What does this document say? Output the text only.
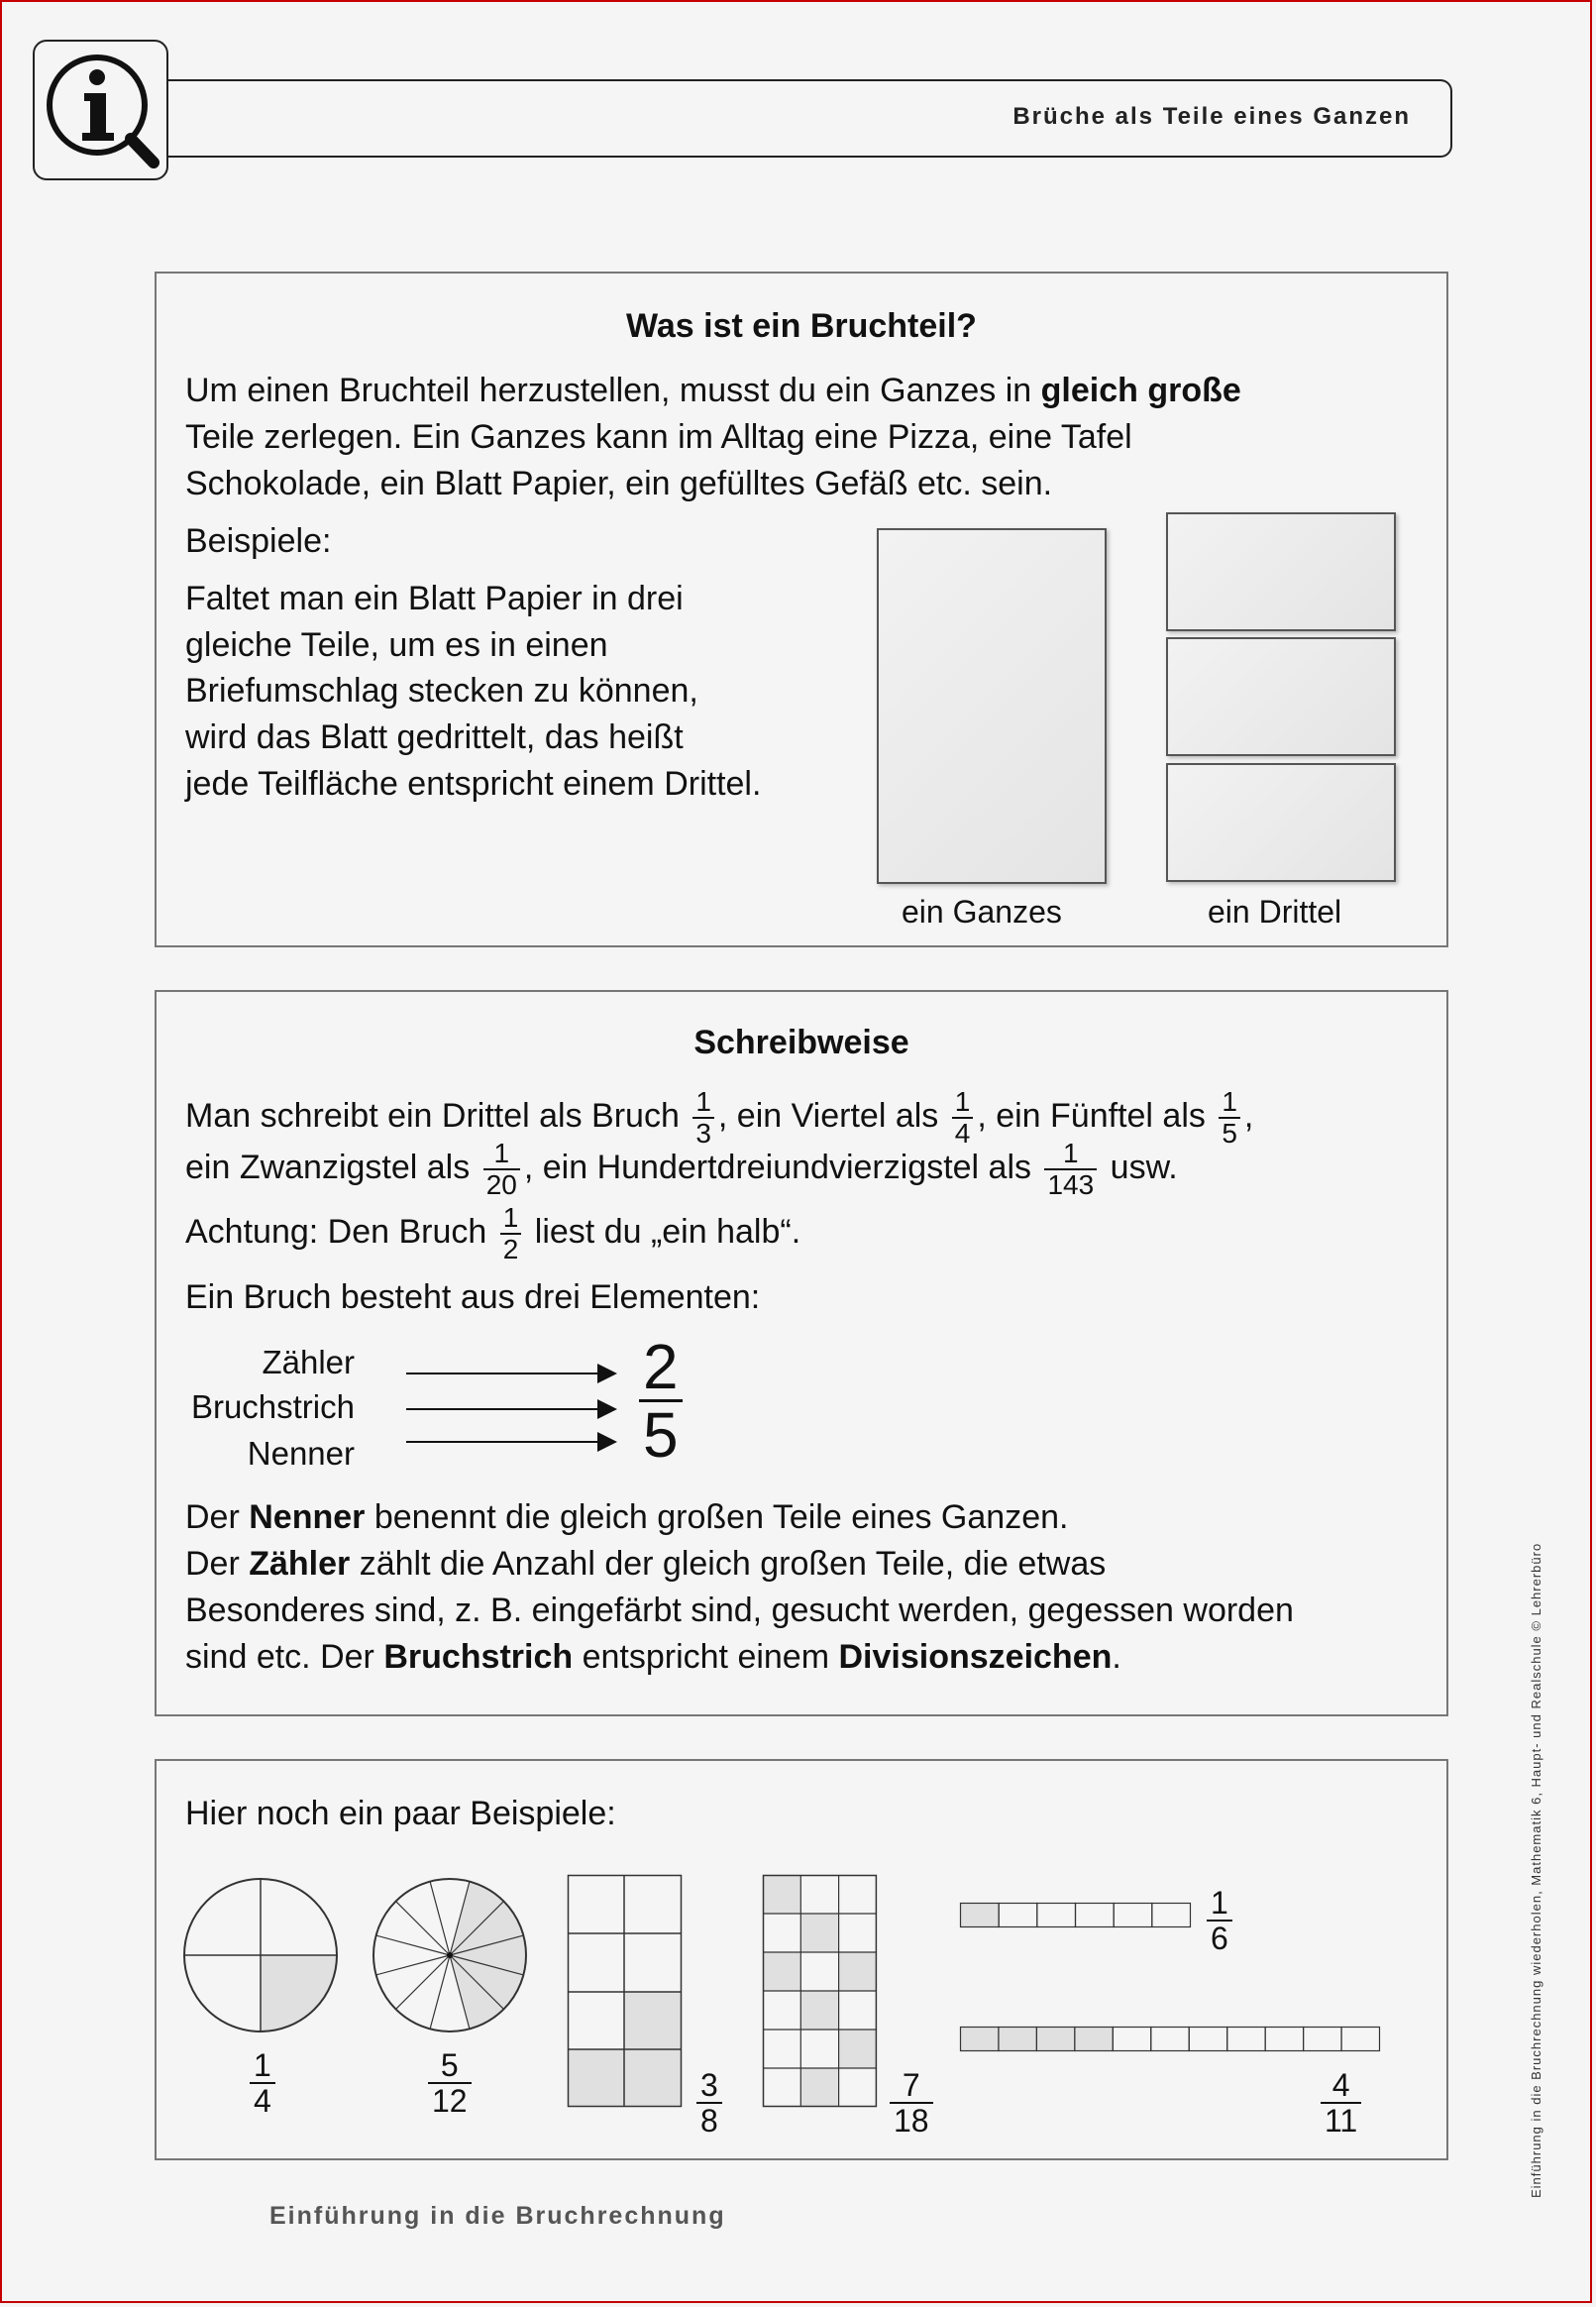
Brüche als Teile eines Ganzen
Was ist ein Bruchteil?
Um einen Bruchteil herzustellen, musst du ein Ganzes in gleich große
Teile zerlegen. Ein Ganzes kann im Alltag eine Pizza, eine Tafel
Schokolade, ein Blatt Papier, ein gefülltes Gefäß etc. sein.
Beispiele:
Faltet man ein Blatt Papier in drei
gleiche Teile, um es in einen
Briefumschlag stecken zu können,
wird das Blatt gedrittelt, das heißt
jede Teilfläche entspricht einem Drittel.
ein Ganzes	ein Drittel
Schreibweise
Man schreibt ein Drittel als Bruch $\frac{1}{3}$ , ein Viertel als $\frac{1}{4}$ , ein Fünftel als $\frac{1}{5}$ ,
ein Zwanzigstel als $\frac{1}{20}$ , ein Hundertdreiundvierzigstel als $\frac{1}{143}$ usw.
Achtung: Den Bruch $\frac{1}{2}$ liest du „ein halb“.
Ein Bruch besteht aus drei Elementen:
Zähler
Bruchstrich
Nenner	$\frac{2}{5}$
Der Nenner benennt die gleich großen Teile eines Ganzen.
Der Zähler zählt die Anzahl der gleich großen Teile, die etwas
Besonderes sind, z. B. eingefärbt sind, gesucht werden, gegessen worden
sind etc. Der Bruchstrich entspricht einem Divisionszeichen.
Hier noch ein paar Beispiele:
$\frac{1}{4}$	$\frac{5}{12}$	$\frac{3}{8}$	$\frac{7}{18}$
$\frac{1}{6}$
$\frac{4}{11}$
Einführung in die Bruchrechnung
Einführung in die Bruchrechnung wiederholen, Mathematik 6, Haupt- und Realschule © Lehrerbüro
